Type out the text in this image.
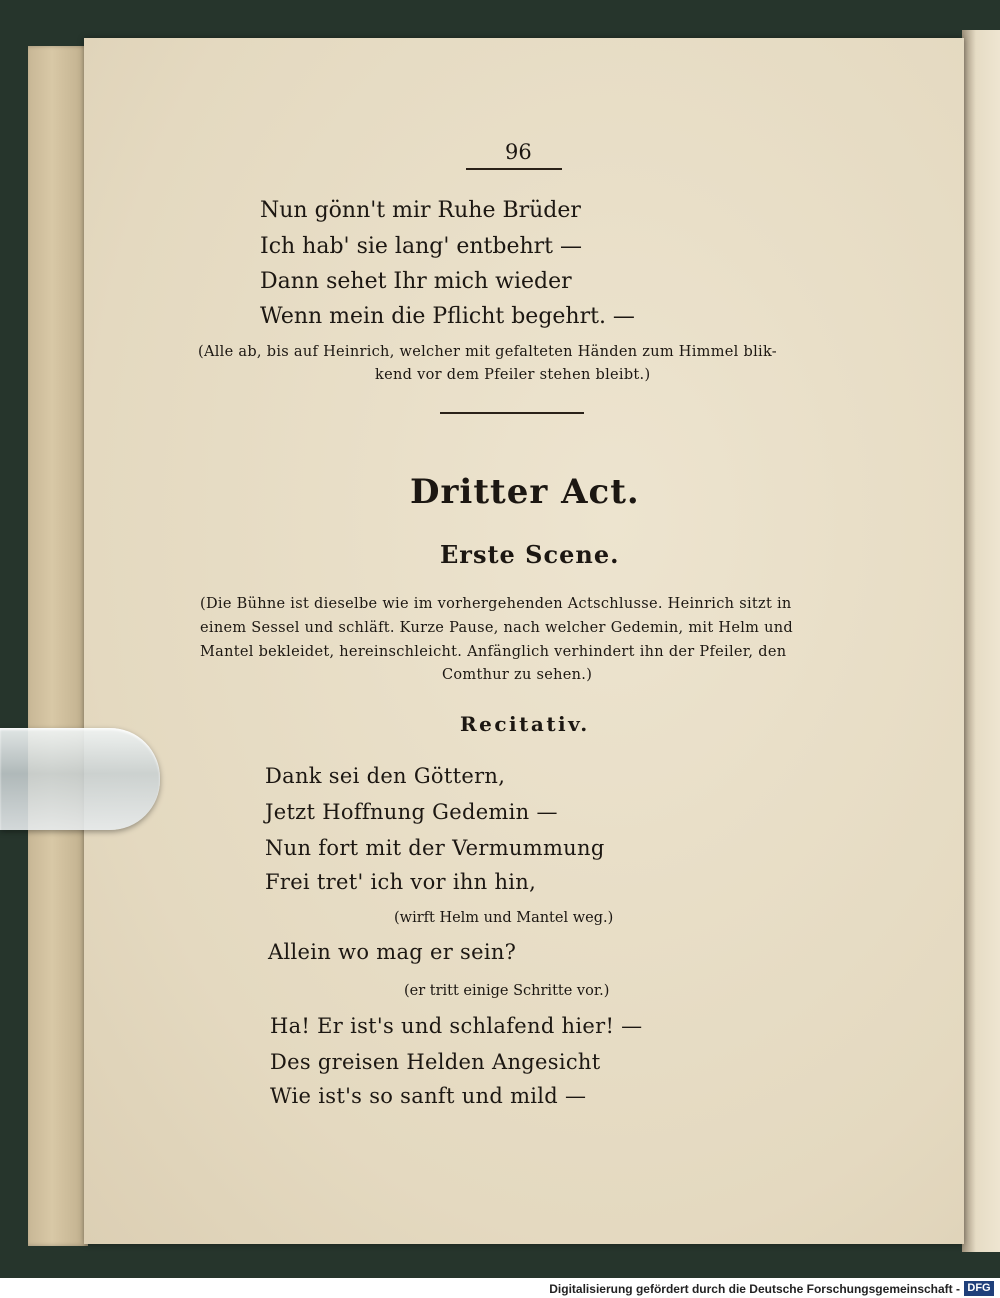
96
Nun gönn't mir Ruhe Brüder
Ich hab' sie lang' entbehrt —
Dann sehet Ihr mich wieder
Wenn mein die Pflicht begehrt. —
(Alle ab, bis auf Heinrich, welcher mit gefalteten Händen zum Himmel blik-
kend vor dem Pfeiler stehen bleibt.)
Dritter Act.
Erste Scene.
(Die Bühne ist dieselbe wie im vorhergehenden Actschlusse. Heinrich sitzt in
einem Sessel und schläft. Kurze Pause, nach welcher Gedemin, mit Helm und
Mantel bekleidet, hereinschleicht. Anfänglich verhindert ihn der Pfeiler, den
Comthur zu sehen.)
Recitativ.
Dank sei den Göttern,
Jetzt Hoffnung Gedemin —
Nun fort mit der Vermummung
Frei tret' ich vor ihn hin,
(wirft Helm und Mantel weg.)
Allein wo mag er sein?
(er tritt einige Schritte vor.)
Ha! Er ist's und schlafend hier! —
Des greisen Helden Angesicht
Wie ist's so sanft und mild —
Digitalisierung gefördert durch die Deutsche Forschungsgemeinschaft - DFG
